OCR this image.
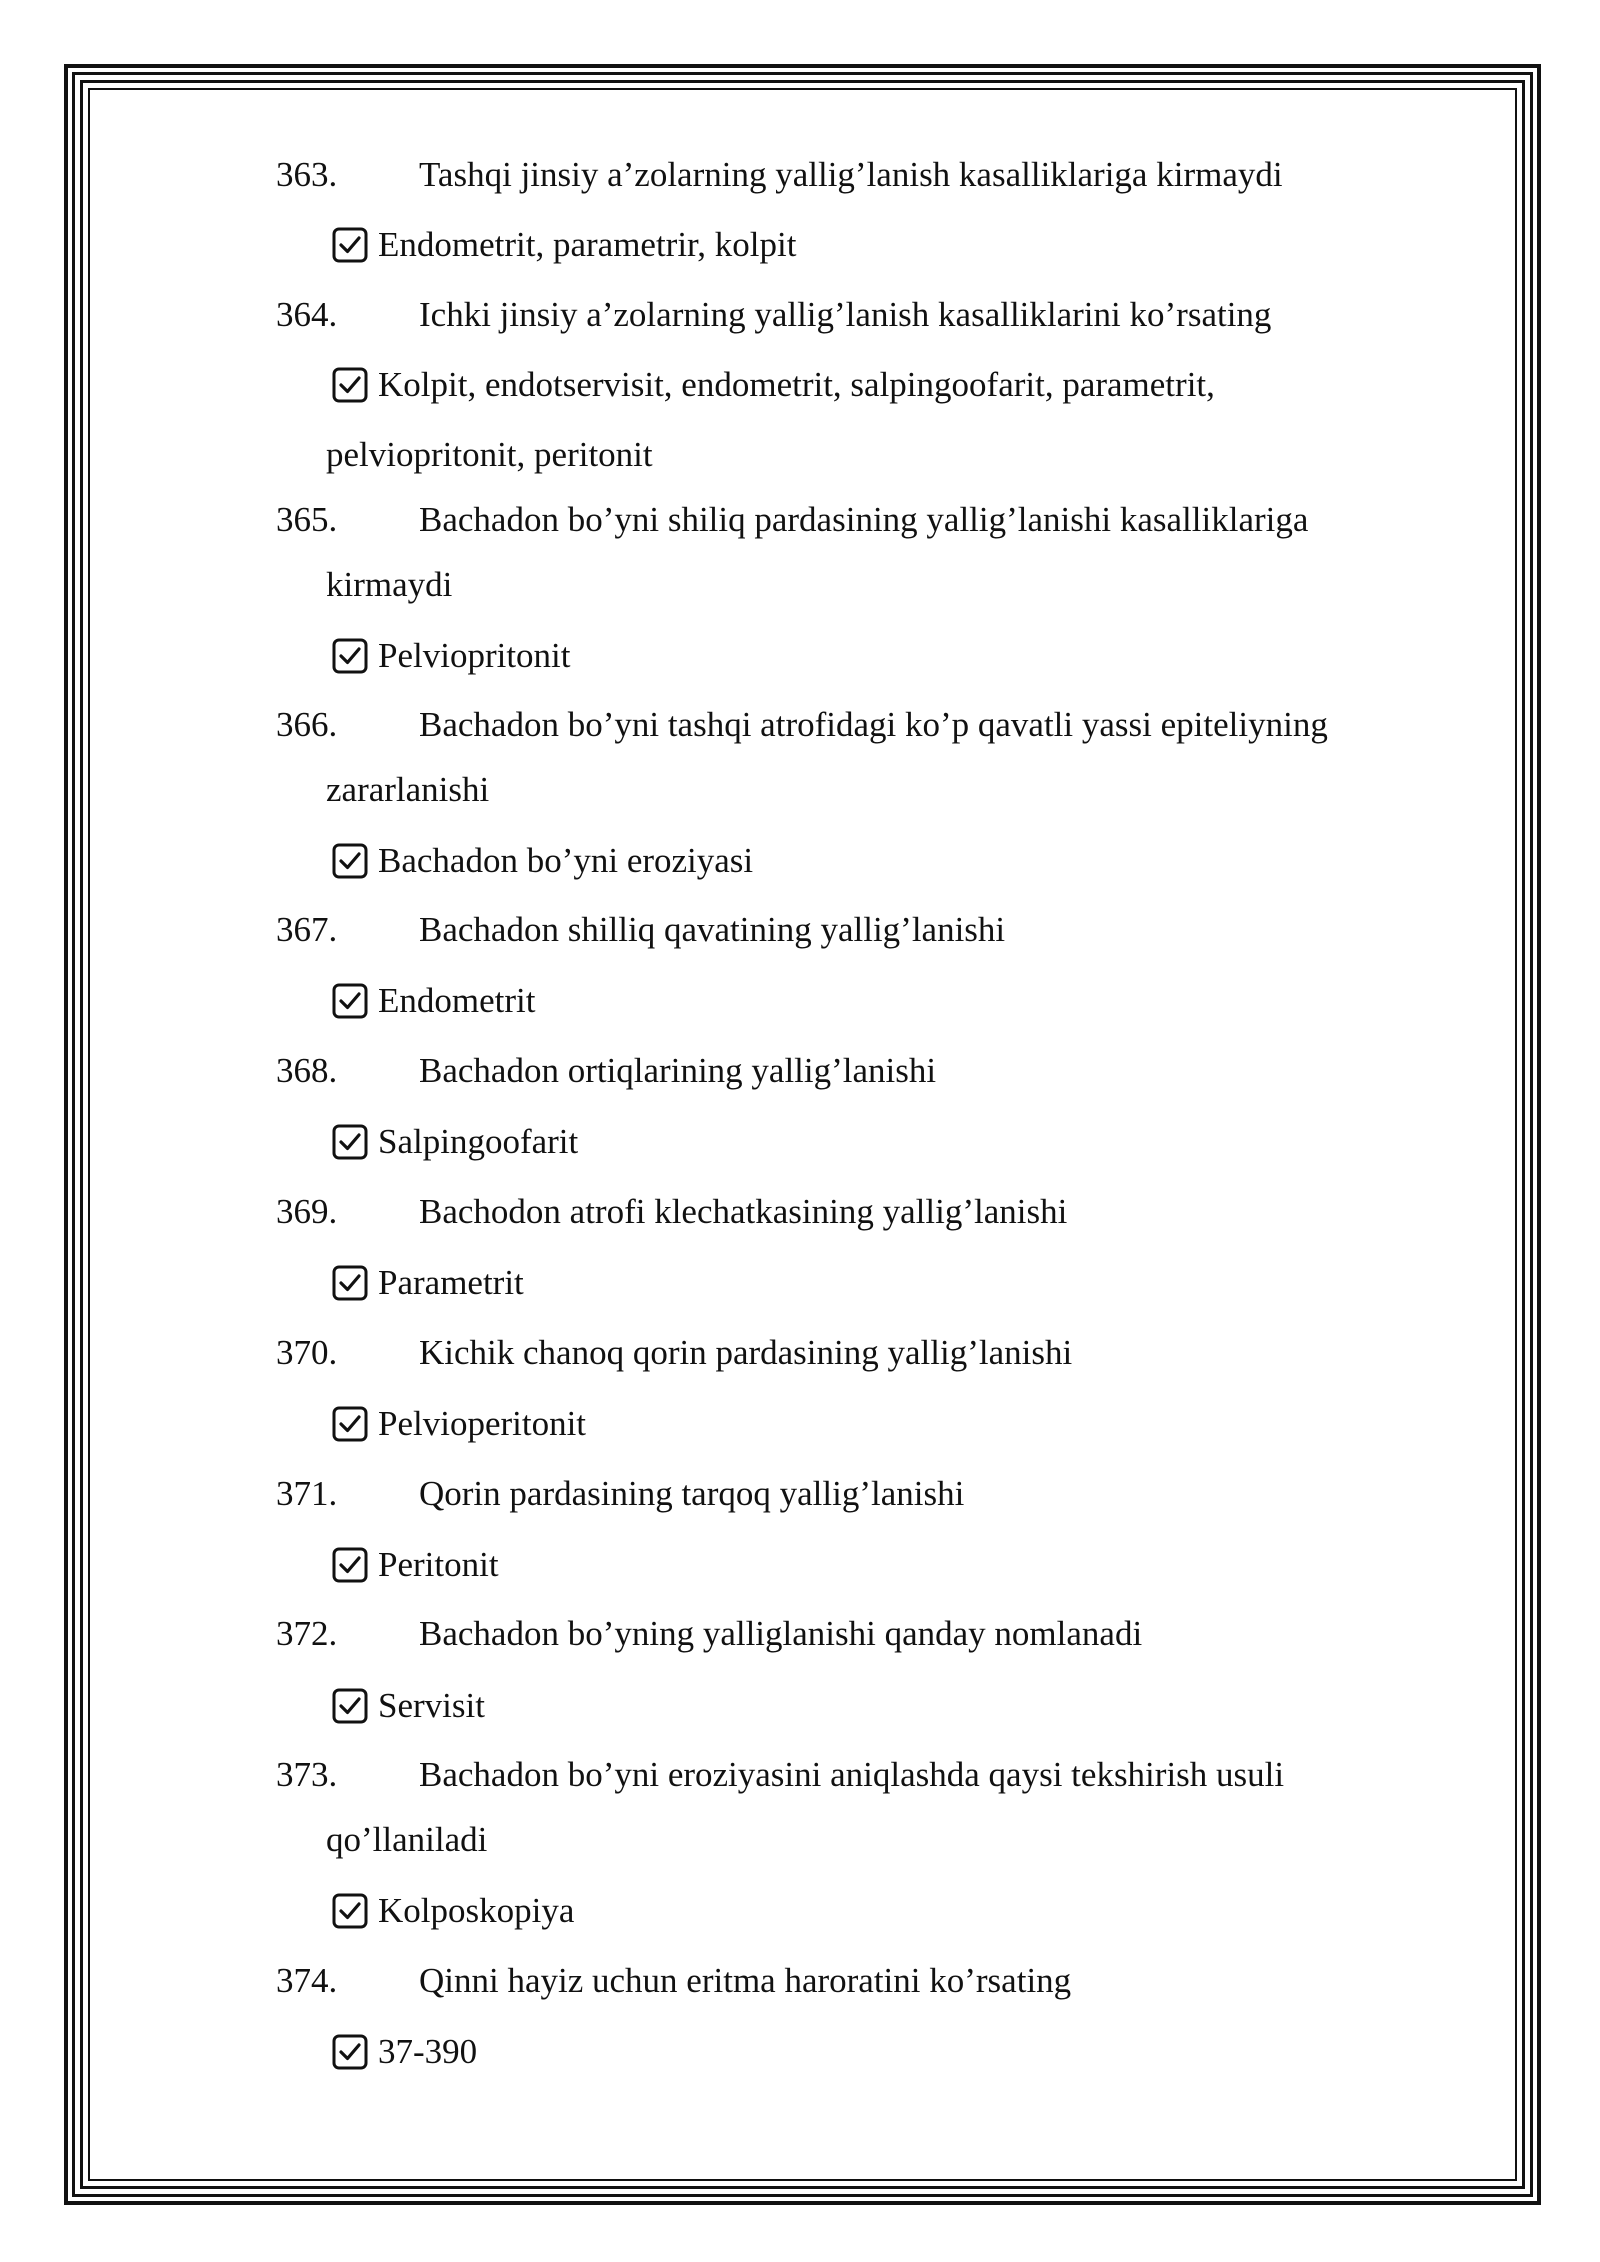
363. Tashqi jinsiy a’zolarning yallig’lanish kasalliklariga kirmaydi
Endometrit, parametrir, kolpit
364. Ichki jinsiy a’zolarning yallig’lanish kasalliklarini ko’rsating
Kolpit, endotservisit, endometrit, salpingoofarit, parametrit,
pelviopritonit, peritonit
365. Bachadon bo’yni shiliq pardasining yallig’lanishi kasalliklariga
kirmaydi
Pelviopritonit
366. Bachadon bo’yni tashqi atrofidagi ko’p qavatli yassi epiteliyning
zararlanishi
Bachadon bo’yni eroziyasi
367. Bachadon shilliq qavatining yallig’lanishi
Endometrit
368. Bachadon ortiqlarining yallig’lanishi
Salpingoofarit
369. Bachodon atrofi klechatkasining yallig’lanishi
Parametrit
370. Kichik chanoq qorin pardasining yallig’lanishi
Pelvioperitonit
371. Qorin pardasining tarqoq yallig’lanishi
Peritonit
372. Bachadon bo’yning yalliglanishi qanday nomlanadi
Servisit
373. Bachadon bo’yni eroziyasini aniqlashda qaysi tekshirish usuli
qo’llaniladi
Kolposkopiya
374. Qinni hayiz uchun eritma haroratini ko’rsating
37-390
